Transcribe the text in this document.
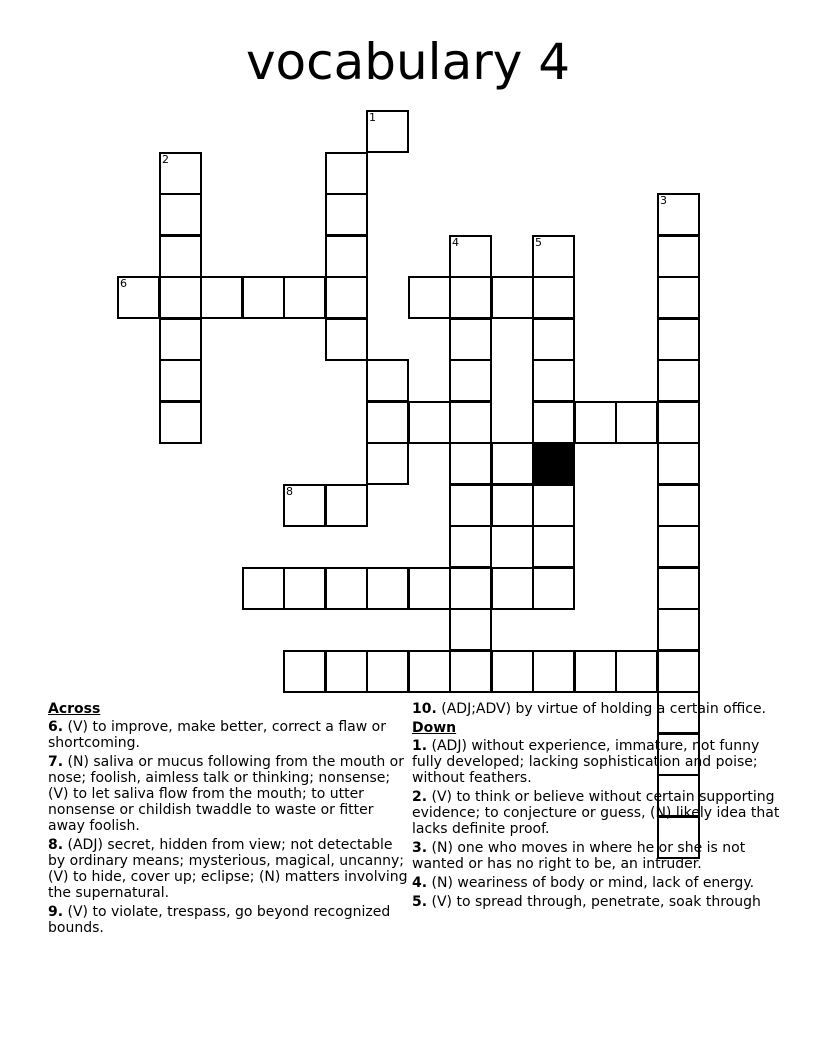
vocabulary 4
1
2
3
4	5
6
8
Across
6. (V) to improve, make better, correct a flaw or shortcoming.
7. (N) saliva or mucus following from the mouth or nose; foolish, aimless talk or thinking; nonsense; (V) to let saliva flow from the mouth; to utter nonsense or childish twaddle to waste or fitter away foolish.
8. (ADJ) secret, hidden from view; not detectable by ordinary means; mysterious, magical, uncanny; (V) to hide, cover up; eclipse; (N) matters involving the supernatural.
9. (V) to violate, trespass, go beyond recognized bounds.
10. (ADJ;ADV) by virtue of holding a certain office.
Down
1. (ADJ) without experience, immature, not funny fully developed; lacking sophistication and poise; without feathers.
2. (V) to think or believe without certain supporting evidence; to conjecture or guess, (N) likely idea that lacks definite proof.
3. (N) one who moves in where he or she is not wanted or has no right to be, an intruder.
4. (N) weariness of body or mind, lack of energy.
5. (V) to spread through, penetrate, soak through
